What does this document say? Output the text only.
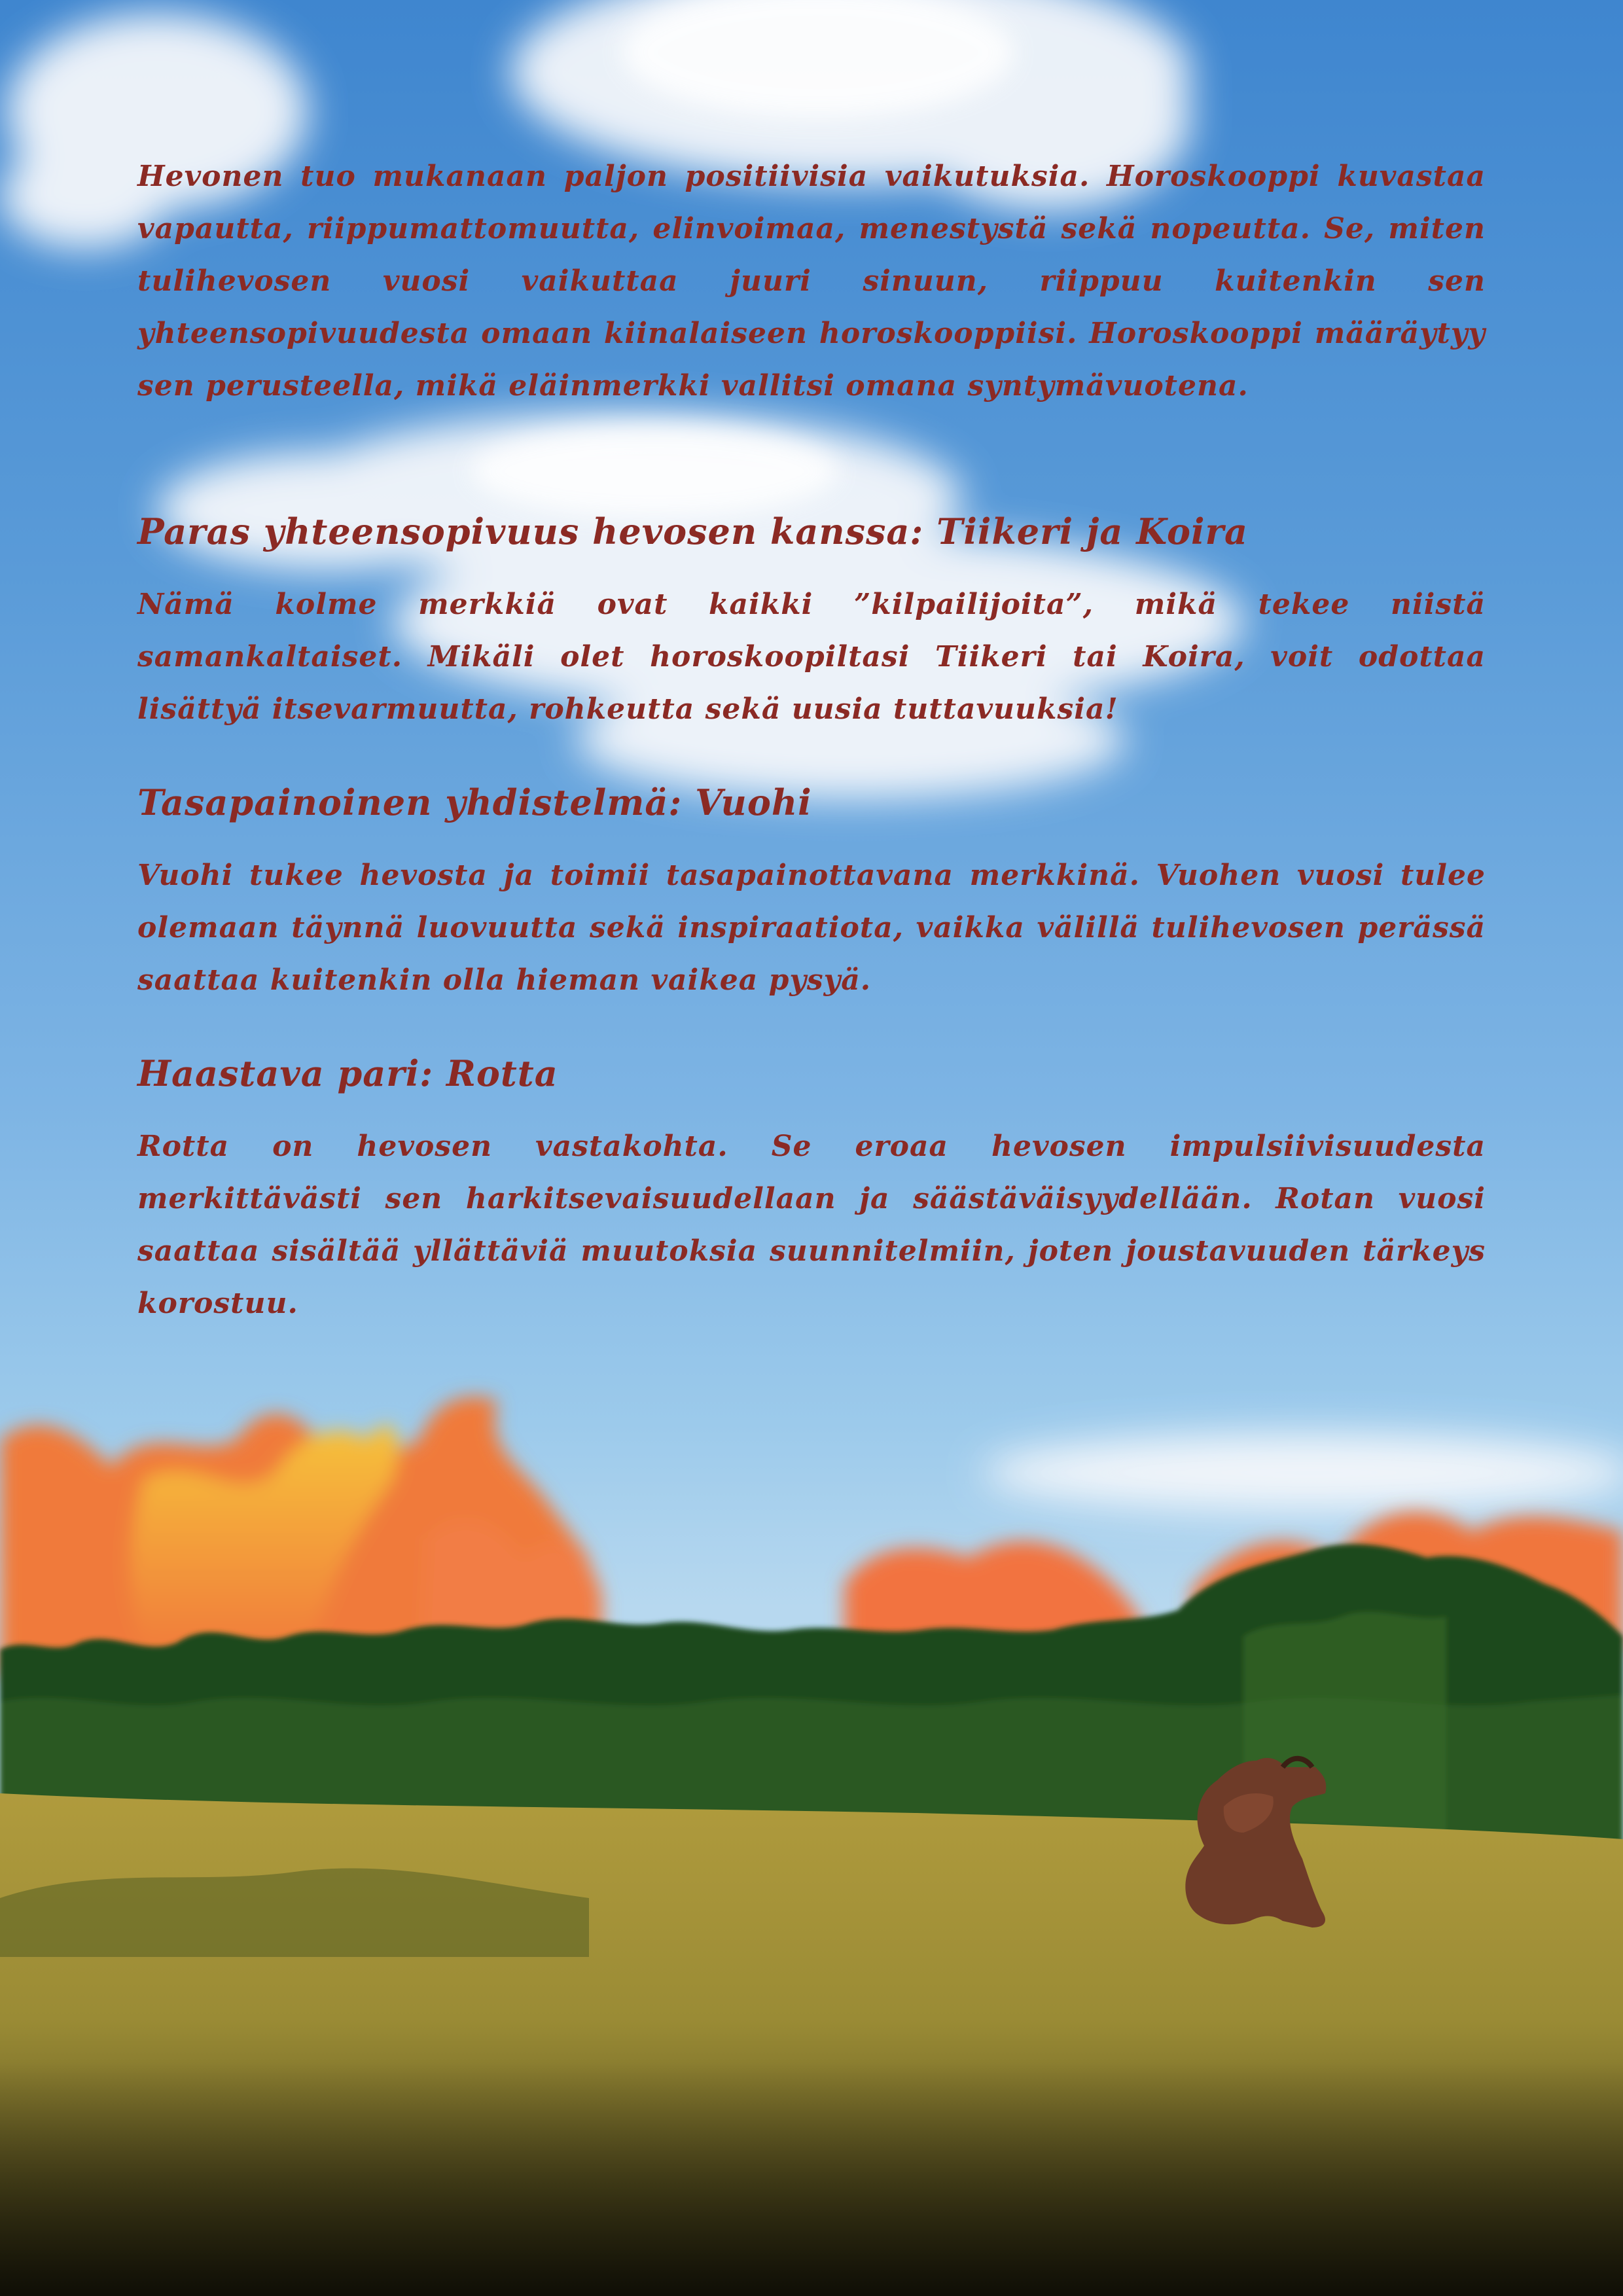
Hevonen tuo mukanaan paljon positiivisia vaikutuksia. Horoskooppi kuvastaa vapautta, riippumattomuutta, elinvoimaa, menestystä sekä nopeutta. Se, miten tulihevosen vuosi vaikuttaa juuri sinuun, riippuu kuitenkin sen yhteensopivuudesta omaan kiinalaiseen horoskooppiisi. Horoskooppi määräytyy sen perusteella, mikä eläinmerkki vallitsi omana syntymävuotena.

Paras yhteensopivuus hevosen kanssa: Tiikeri ja Koira

Nämä kolme merkkiä ovat kaikki ”kilpailijoita”, mikä tekee niistä samankaltaiset. Mikäli olet horoskoopiltasi Tiikeri tai Koira, voit odottaa lisättyä itsevarmuutta, rohkeutta sekä uusia tuttavuuksia!

Tasapainoinen yhdistelmä: Vuohi

Vuohi tukee hevosta ja toimii tasapainottavana merkkinä. Vuohen vuosi tulee olemaan täynnä luovuutta sekä inspiraatiota, vaikka välillä tulihevosen perässä saattaa kuitenkin olla hieman vaikea pysyä.

Haastava pari: Rotta

Rotta on hevosen vastakohta. Se eroaa hevosen impulsiivisuudesta merkittävästi sen harkitsevaisuudellaan ja säästäväisyydellään. Rotan vuosi saattaa sisältää yllättäviä muutoksia suunnitelmiin, joten joustavuuden tärkeys korostuu.
